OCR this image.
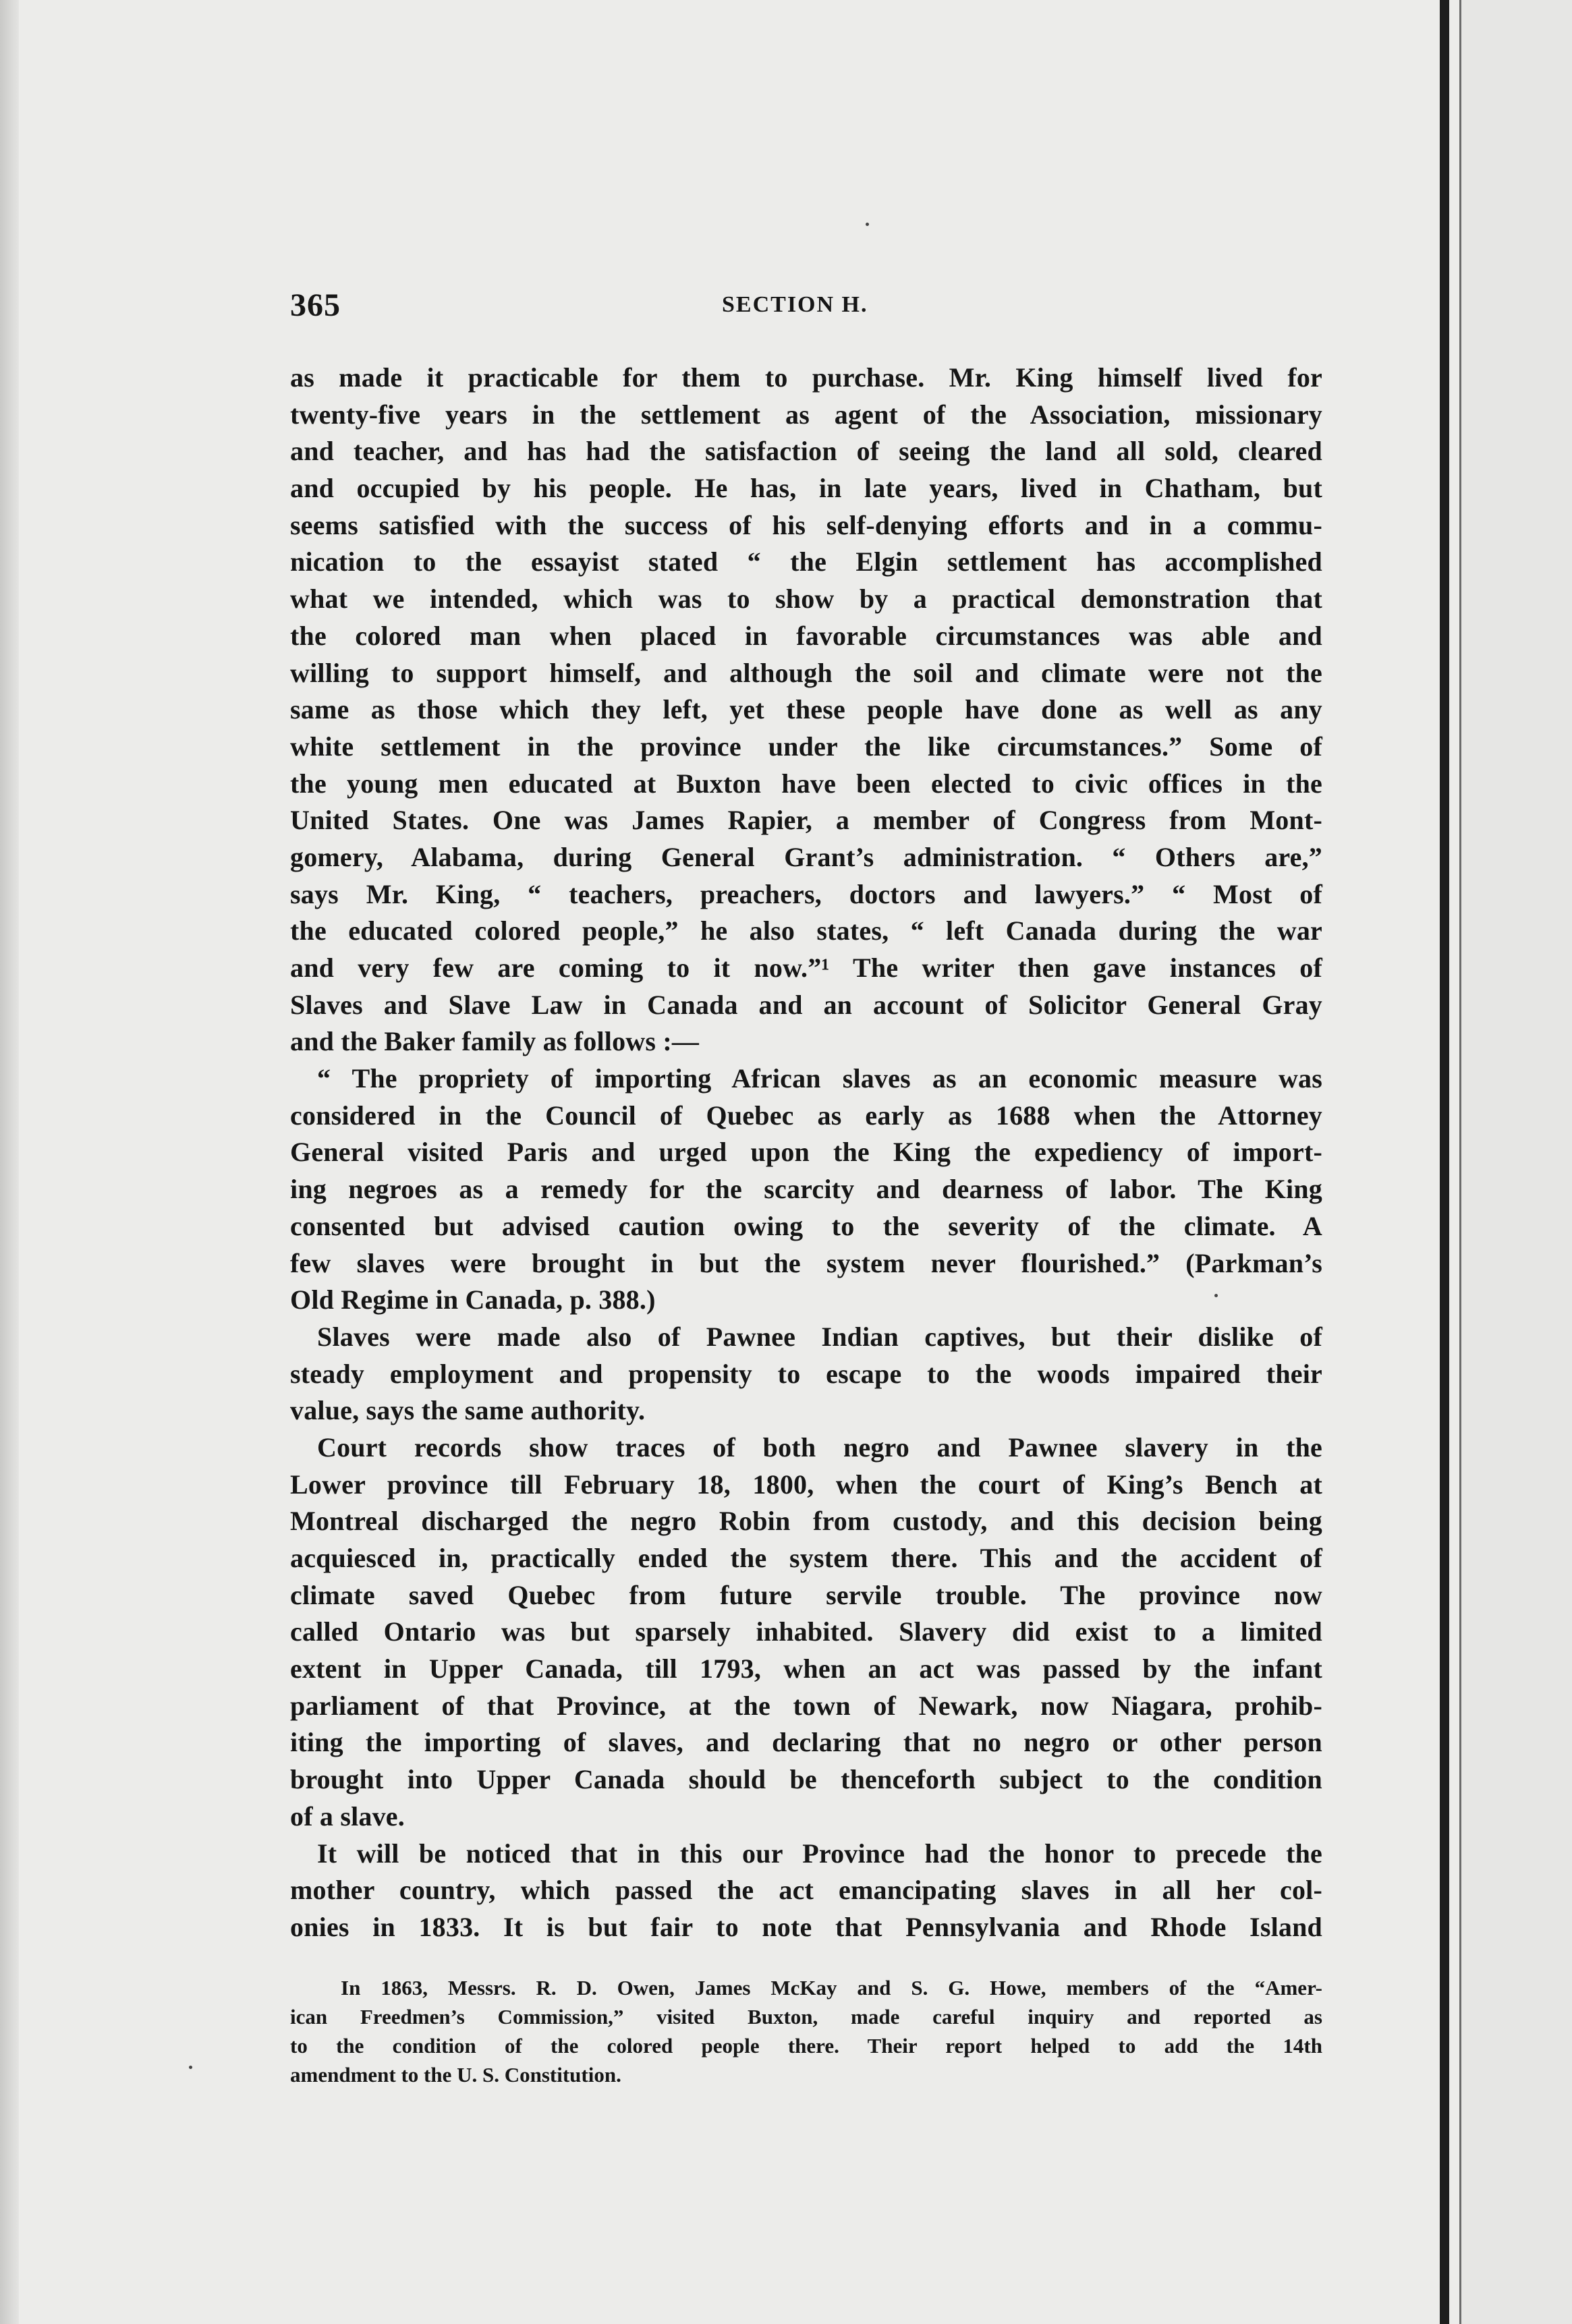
365	SECTION H.
as made it practicable for them to purchase. Mr. King himself lived for
twenty-five years in the settlement as agent of the Association, missionary
and teacher, and has had the satisfaction of seeing the land all sold, cleared
and occupied by his people. He has, in late years, lived in Chatham, but
seems satisfied with the success of his self-denying efforts and in a commu-
nication to the essayist stated “ the Elgin settlement has accomplished
what we intended, which was to show by a practical demonstration that
the colored man when placed in favorable circumstances was able and
willing to support himself, and although the soil and climate were not the
same as those which they left, yet these people have done as well as any
white settlement in the province under the like circumstances.” Some of
the young men educated at Buxton have been elected to civic offices in the
United States. One was James Rapier, a member of Congress from Mont-
gomery, Alabama, during General Grant’s administration. “ Others are,”
says Mr. King, “ teachers, preachers, doctors and lawyers.” “ Most of
the educated colored people,” he also states, “ left Canada during the war
and very few are coming to it now.”¹ The writer then gave instances of
Slaves and Slave Law in Canada and an account of Solicitor General Gray
and the Baker family as follows :—
“ The propriety of importing African slaves as an economic measure was
considered in the Council of Quebec as early as 1688 when the Attorney
General visited Paris and urged upon the King the expediency of import-
ing negroes as a remedy for the scarcity and dearness of labor. The King
consented but advised caution owing to the severity of the climate. A
few slaves were brought in but the system never flourished.” (Parkman’s
Old Regime in Canada, p. 388.)
Slaves were made also of Pawnee Indian captives, but their dislike of
steady employment and propensity to escape to the woods impaired their
value, says the same authority.
Court records show traces of both negro and Pawnee slavery in the
Lower province till February 18, 1800, when the court of King’s Bench at
Montreal discharged the negro Robin from custody, and this decision being
acquiesced in, practically ended the system there. This and the accident of
climate saved Quebec from future servile trouble. The province now
called Ontario was but sparsely inhabited. Slavery did exist to a limited
extent in Upper Canada, till 1793, when an act was passed by the infant
parliament of that Province, at the town of Newark, now Niagara, prohib-
iting the importing of slaves, and declaring that no negro or other person
brought into Upper Canada should be thenceforth subject to the condition
of a slave.
It will be noticed that in this our Province had the honor to precede the
mother country, which passed the act emancipating slaves in all her col-
onies in 1833. It is but fair to note that Pennsylvania and Rhode Island
In 1863, Messrs. R. D. Owen, James McKay and S. G. Howe, members of the “Amer-
ican Freedmen’s Commission,” visited Buxton, made careful inquiry and reported as
to the condition of the colored people there. Their report helped to add the 14th
amendment to the U. S. Constitution.
